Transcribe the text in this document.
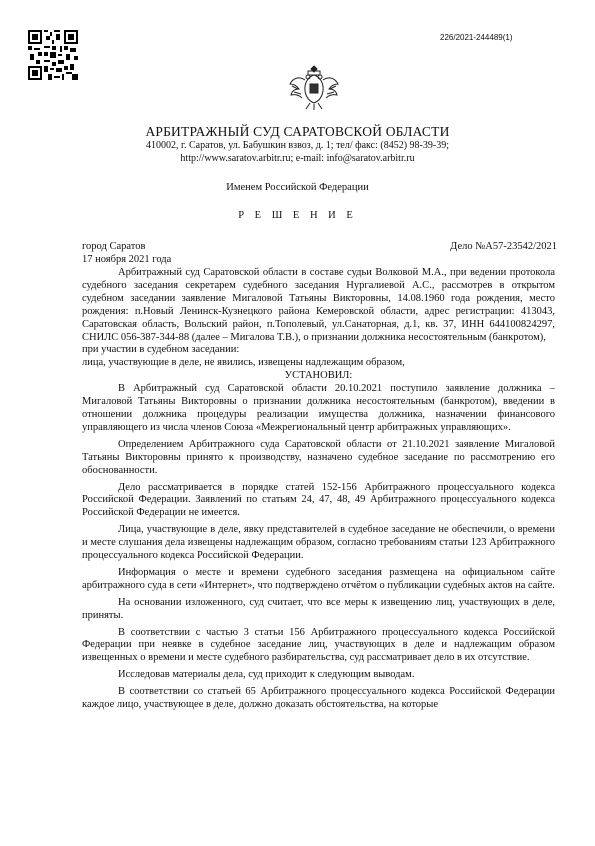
226/2021-244489(1)
АРБИТРАЖНЫЙ СУД САРАТОВСКОЙ ОБЛАСТИ
410002, г. Саратов, ул. Бабушкин взвоз, д. 1; тел/ факс: (8452) 98-39-39;
http://www.saratov.arbitr.ru; e-mail: info@saratov.arbitr.ru
Именем Российской Федерации
Р Е Ш Е Н И Е
город Саратов	Дело №А57-23542/2021
17 ноября 2021 года

Арбитражный суд Саратовской области в составе судьи Волковой М.А., при ведении протокола судебного заседания секретарем судебного заседания Нургалиевой А.С., рассмотрев в открытом судебном заседании заявление Мигаловой Татьяны Викторовны, 14.08.1960 года рождения, место рождения: п.Новый Ленинск-Кузнецкого района Кемеровской области, адрес регистрации: 413043, Саратовская область, Вольский район, п.Тополевый, ул.Санаторная, д.1, кв. 37, ИНН 644100824297, СНИЛС 056-387-344-88 (далее – Мигалова Т.В.), о признании должника несостоятельным (банкротом),

при участии в судебном заседании:

лица, участвующие в деле, не явились, извещены надлежащим образом,

УСТАНОВИЛ:

В Арбитражный суд Саратовской области 20.10.2021 поступило заявление должника – Мигаловой Татьяны Викторовны о признании должника несостоятельным (банкротом), введении в отношении должника процедуры реализации имущества должника, назначении финансового управляющего из числа членов Союза «Межрегиональный центр арбитражных управляющих».

Определением Арбитражного суда Саратовской области от 21.10.2021 заявление Мигаловой Татьяны Викторовны принято к производству, назначено судебное заседание по рассмотрению его обоснованности.

Дело рассматривается в порядке статей 152-156 Арбитражного процессуального кодекса Российской Федерации. Заявлений по статьям 24, 47, 48, 49 Арбитражного процессуального кодекса Российской Федерации не имеется.

Лица, участвующие в деле, явку представителей в судебное заседание не обеспечили, о времени и месте слушания дела извещены надлежащим образом, согласно требованиям статьи 123 Арбитражного процессуального кодекса Российской Федерации.

Информация о месте и времени судебного заседания размещена на официальном сайте арбитражного суда в сети «Интернет», что подтверждено отчётом о публикации судебных актов на сайте.

На основании изложенного, суд считает, что все меры к извещению лиц, участвующих в деле, приняты.

В соответствии с частью 3 статьи 156 Арбитражного процессуального кодекса Российской Федерации при неявке в судебное заседание лиц, участвующих в деле и надлежащим образом извещенных о времени и месте судебного разбирательства, суд рассматривает дело в их отсутствие.

Исследовав материалы дела, суд приходит к следующим выводам.

В соответствии со статьей 65 Арбитражного процессуального кодекса Российской Федерации каждое лицо, участвующее в деле, должно доказать обстоятельства, на которые
